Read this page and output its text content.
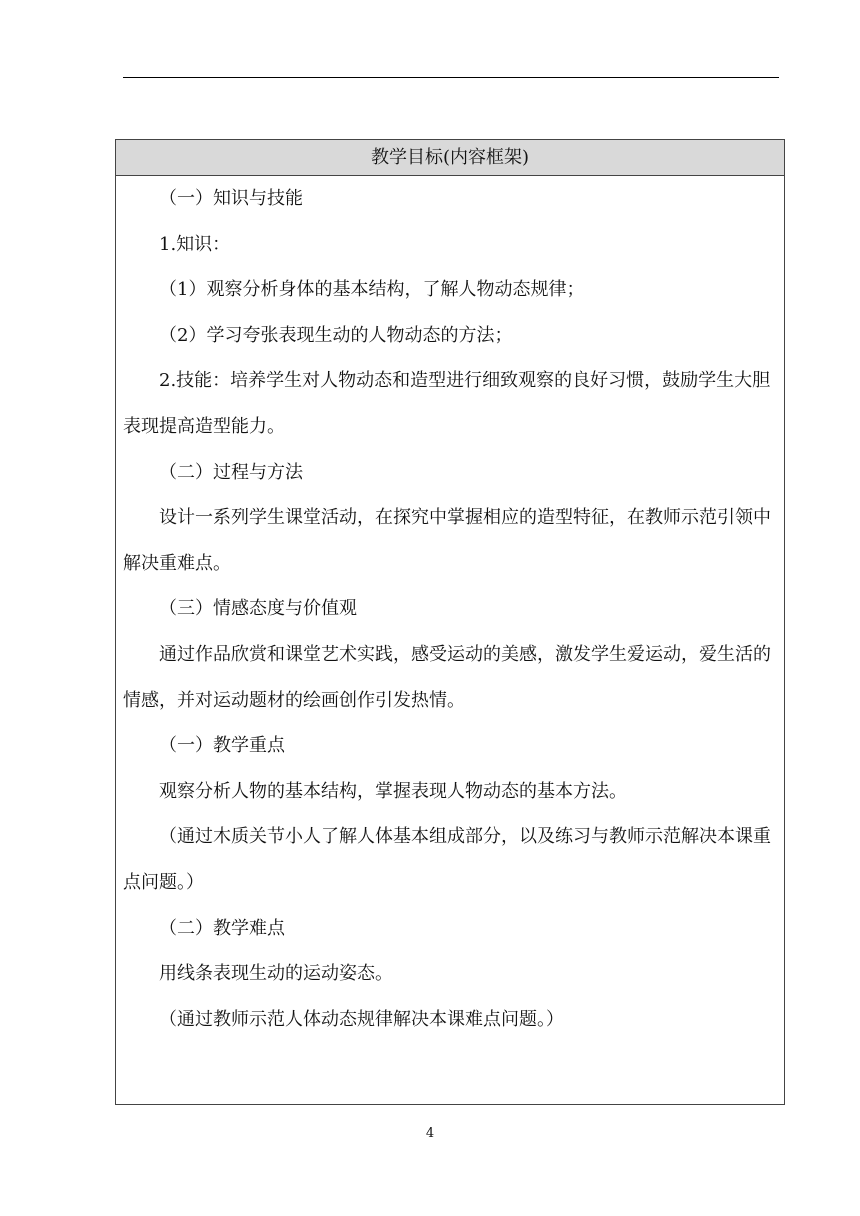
教学目标(内容框架)

（一）知识与技能

1.知识：

（1）观察分析身体的基本结构，了解人物动态规律；

（2）学习夸张表现生动的人物动态的方法；

2.技能：培养学生对人物动态和造型进行细致观察的良好习惯，鼓励学生大胆表现提高造型能力。

（二）过程与方法

设计一系列学生课堂活动，在探究中掌握相应的造型特征，在教师示范引领中解决重难点。

（三）情感态度与价值观

通过作品欣赏和课堂艺术实践，感受运动的美感，激发学生爱运动，爱生活的情感，并对运动题材的绘画创作引发热情。

（一）教学重点

观察分析人物的基本结构，掌握表现人物动态的基本方法。

（通过木质关节小人了解人体基本组成部分，以及练习与教师示范解决本课重点问题。）

（二）教学难点

用线条表现生动的运动姿态。

（通过教师示范人体动态规律解决本课难点问题。）

4
